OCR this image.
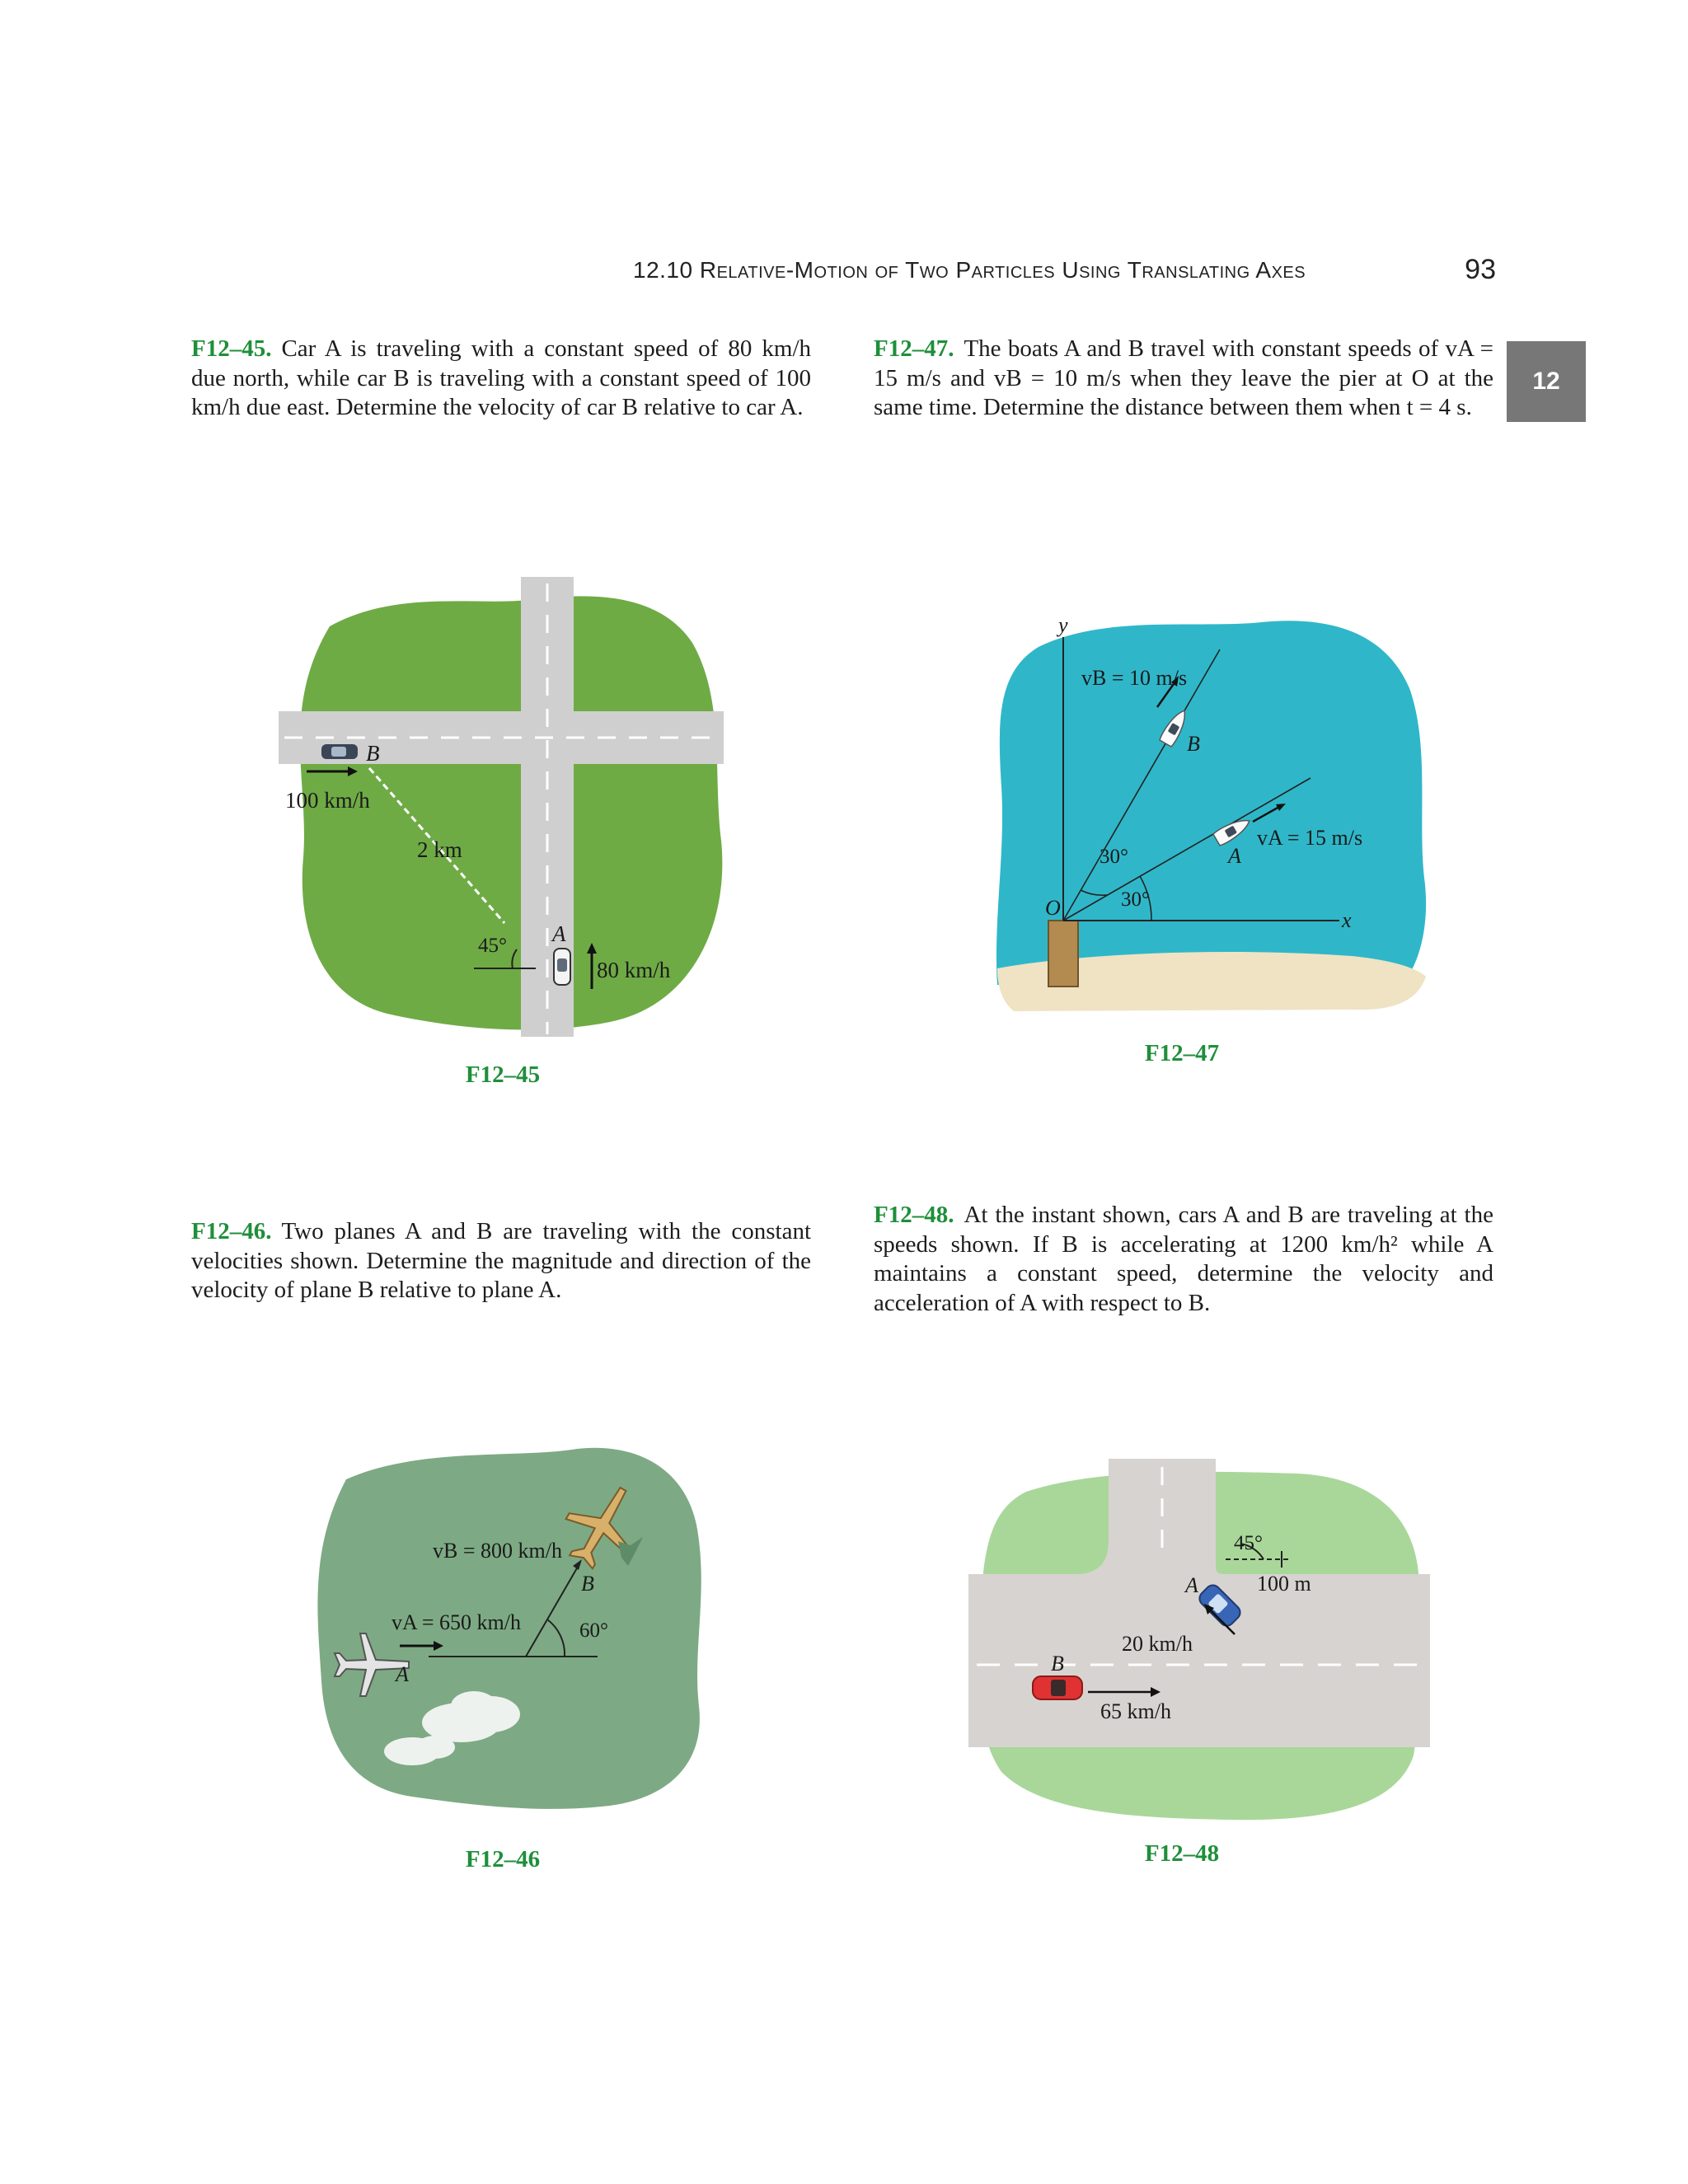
12.10 Relative-Motion of Two Particles Using Translating Axes	93
12
F12–45. Car A is traveling with a constant speed of 80 km/h due north, while car B is traveling with a constant speed of 100 km/h due east. Determine the velocity of car B relative to car A.
F12–47. The boats A and B travel with constant speeds of vA = 15 m/s and vB = 10 m/s when they leave the pier at O at the same time. Determine the distance between them when t = 4 s.
F12–46. Two planes A and B are traveling with the constant velocities shown. Determine the magnitude and direction of the velocity of plane B relative to plane A.
F12–48. At the instant shown, cars A and B are traveling at the speeds shown. If B is accelerating at 1200 km/h² while A maintains a constant speed, determine the velocity and acceleration of A with respect to B.
B
100 km/h
2 km
45° A
80 km/h
F12–45
y
x
O
vB = 10 m/s
B
vA = 15 m/s
A
30°
30°
F12–47
vB = 800 km/h
B
vA = 650 km/h
A
60°
F12–46
45°
100 m
A
20 km/h
B
65 km/h
F12–48
